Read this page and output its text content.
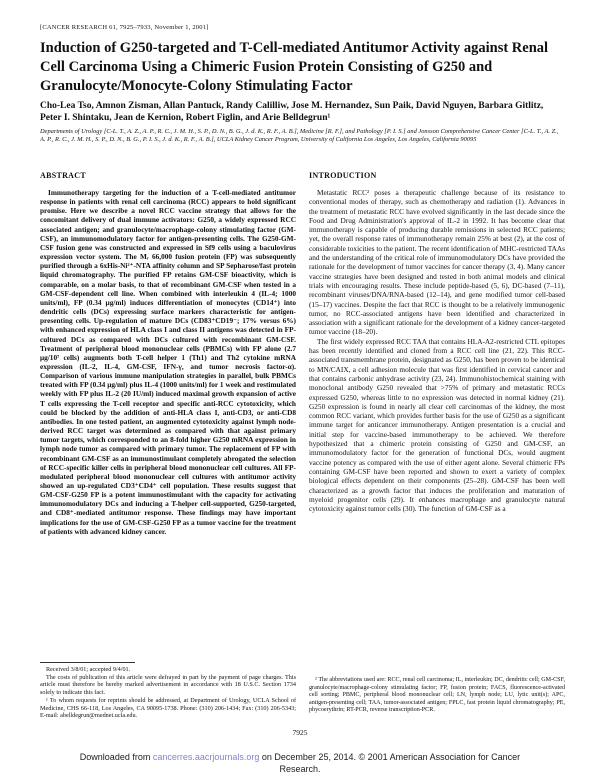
[CANCER RESEARCH 61, 7925–7933, November 1, 2001]
Induction of G250-targeted and T-Cell-mediated Antitumor Activity against Renal Cell Carcinoma Using a Chimeric Fusion Protein Consisting of G250 and Granulocyte/Monocyte-Colony Stimulating Factor
Cho-Lea Tso, Amnon Zisman, Allan Pantuck, Randy Calilliw, Jose M. Hernandez, Sun Paik, David Nguyen, Barbara Gitlitz, Peter I. Shintaku, Jean de Kernion, Robert Figlin, and Arie Belldegrun¹
Departments of Urology [C-L. T., A. Z., A. P., R. C., J. M. H., S. P., D. N., B. G., J. d. K., R. F., A. B.], Medicine [R. F.], and Pathology [P. I. S.] and Jonsson Comprehensive Cancer Center [C-L. T., A. Z., A. P., R. C., J. M. H., S. P., D. N., B. G., P. I. S., J. d. K., R. F., A. B.], UCLA Kidney Cancer Program, University of California Los Angeles, Los Angeles, California 90095
ABSTRACT

Immunotherapy targeting for the induction of a T-cell-mediated antitumor response in patients with renal cell carcinoma (RCC) appears to hold significant promise. Here we describe a novel RCC vaccine strategy that allows for the concomitant delivery of dual immune activators: G250, a widely expressed RCC associated antigen; and granulocyte/macrophage-colony stimulating factor (GM-CSF), an immunomodulatory factor for antigen-presenting cells. The G250-GM-CSF fusion gene was constructed and expressed in Sf9 cells using a baculovirus expression vector system. The Mᵣ 66,000 fusion protein (FP) was subsequently purified through a 6xHis-Ni²⁺-NTA affinity column and SP Sepharose/fast protein liquid chromatography. The purified FP retains GM-CSF bioactivity, which is comparable, on a molar basis, to that of recombinant GM-CSF when tested in a GM-CSF-dependent cell line. When combined with interleukin 4 (IL-4; 1000 units/ml), FP (0.34 μg/ml) induces differentiation of monocytes (CD14⁺) into dendritic cells (DCs) expressing surface markers characteristic for antigen-presenting cells. Up-regulation of mature DCs (CD83⁺CD19⁻; 17% versus 6%) with enhanced expression of HLA class I and class II antigens was detected in FP-cultured DCs as compared with DCs cultured with recombinant GM-CSF. Treatment of peripheral blood mononuclear cells (PBMCs) with FP alone (2.7 μg/10⁷ cells) augments both T-cell helper 1 (Th1) and Th2 cytokine mRNA expression (IL-2, IL-4, GM-CSF, IFN-γ, and tumor necrosis factor-α). Comparison of various immune manipulation strategies in parallel, bulk PBMCs treated with FP (0.34 μg/ml) plus IL-4 (1000 units/ml) for 1 week and restimulated weekly with FP plus IL-2 (20 IU/ml) induced maximal growth expansion of active T cells expressing the T-cell receptor and specific anti-RCC cytotoxicity, which could be blocked by the addition of anti-HLA class I, anti-CD3, or anti-CD8 antibodies. In one tested patient, an augmented cytotoxicity against lymph node-derived RCC target was determined as compared with that against primary tumor targets, which corresponded to an 8-fold higher G250 mRNA expression in lymph node tumor as compared with primary tumor. The replacement of FP with recombinant GM-CSF as an immunostimulant completely abrogated the selection of RCC-specific killer cells in peripheral blood mononuclear cell cultures. All FP-modulated peripheral blood mononuclear cell cultures with antitumor activity showed an up-regulated CD3⁺CD4⁺ cell population. These results suggest that GM-CSF-G250 FP is a potent immunostimulant with the capacity for activating immunomodulatory DCs and inducing a T-helper cell-supported, G250-targeted, and CD8⁺-mediated antitumor response. These findings may have important implications for the use of GM-CSF-G250 FP as a tumor vaccine for the treatment of patients with advanced kidney cancer.

INTRODUCTION

Metastatic RCC² poses a therapeutic challenge because of its resistance to conventional modes of therapy, such as chemotherapy and radiation (1). Advances in the treatment of metastatic RCC have evolved significantly in the last decade since the Food and Drug Administration's approval of IL-2 in 1992. It has become clear that immunotherapy is capable of producing durable remissions in selected RCC patients; yet, the overall response rates of immunotherapy remain 25% at best (2), at the cost of considerable toxicities to the patient. The recent identification of MHC-restricted TAAs and the understanding of the critical role of immunomodulatory DCs have provided the rationale for the development of tumor vaccines for cancer therapy (3, 4). Many cancer vaccine strategies have been designed and tested in both animal models and clinical trials with encouraging results. These include peptide-based (5, 6), DC-based (7–11), recombinant viruses/DNA/RNA-based (12–14), and gene modified tumor cell-based (15–17) vaccines. Despite the fact that RCC is thought to be a relatively immunogenic tumor, no RCC-associated antigens have been identified and characterized in association with a significant rationale for the development of a kidney cancer-targeted tumor vaccine (18–20).

The first widely expressed RCC TAA that contains HLA-A2-restricted CTL epitopes has been recently identified and cloned from a RCC cell line (21, 22). This RCC-associated transmembrane protein, designated as G250, has been proven to be identical to MN/CAIX, a cell adhesion molecule that was first identified in cervical cancer and that contains carbonic anhydrase activity (23, 24). Immunohistochemical staining with monoclonal antibody G250 revealed that >75% of primary and metastatic RCCs expressed G250, whereas little to no expression was detected in normal kidney (21). G250 expression is found in nearly all clear cell carcinomas of the kidney, the most common RCC variant, which provides further basis for the use of G250 as a significant immune target for anticancer immunotherapy. Antigen presentation is a crucial and initial step for vaccine-based immunotherapy to be achieved. We therefore hypothesized that a chimeric protein consisting of G250 and GM-CSF, an immunomodulatory factor for the generation of functional DCs, would augment vaccine potency as compared with the use of either agent alone. Several chimeric FPs containing GM-CSF have been reported and shown to exert a variety of complex biological effects dependent on their components (25–28). GM-CSF has been well characterized as a growth factor that induces the proliferation and maturation of myeloid progenitor cells (29). It enhances macrophage and granulocyte natural cytotoxicity against tumor cells (30). The function of GM-CSF as a

Received 3/8/01; accepted 9/4/01.

The costs of publication of this article were defrayed in part by the payment of page charges. This article must therefore be hereby marked advertisement in accordance with 18 U.S.C. Section 1734 solely to indicate this fact.

¹ To whom requests for reprints should be addressed, at Department of Urology, UCLA School of Medicine, CHS 66-118, Los Angeles, CA 90095-1738. Phone: (310) 206-1434; Fax: (310) 206-5343; E-mail: abelldegrun@mednet.ucla.edu.

² The abbreviations used are: RCC, renal cell carcinoma; IL, interleukin; DC, dendritic cell; GM-CSF, granulocyte/macrophage-colony stimulating factor; FP, fusion protein; FACS, fluorescence-activated cell sorting; PBMC, peripheral blood mononuclear cell; LN, lymph node; LU, lytic unit(s); APC, antigen-presenting cell; TAA, tumor-associated antigen; FPLC, fast protein liquid chromatography; PE, phycoerythrin; RT-PCR, reverse transcription-PCR.

7925
Downloaded from cancerres.aacrjournals.org on December 25, 2014. © 2001 American Association for Cancer Research.
